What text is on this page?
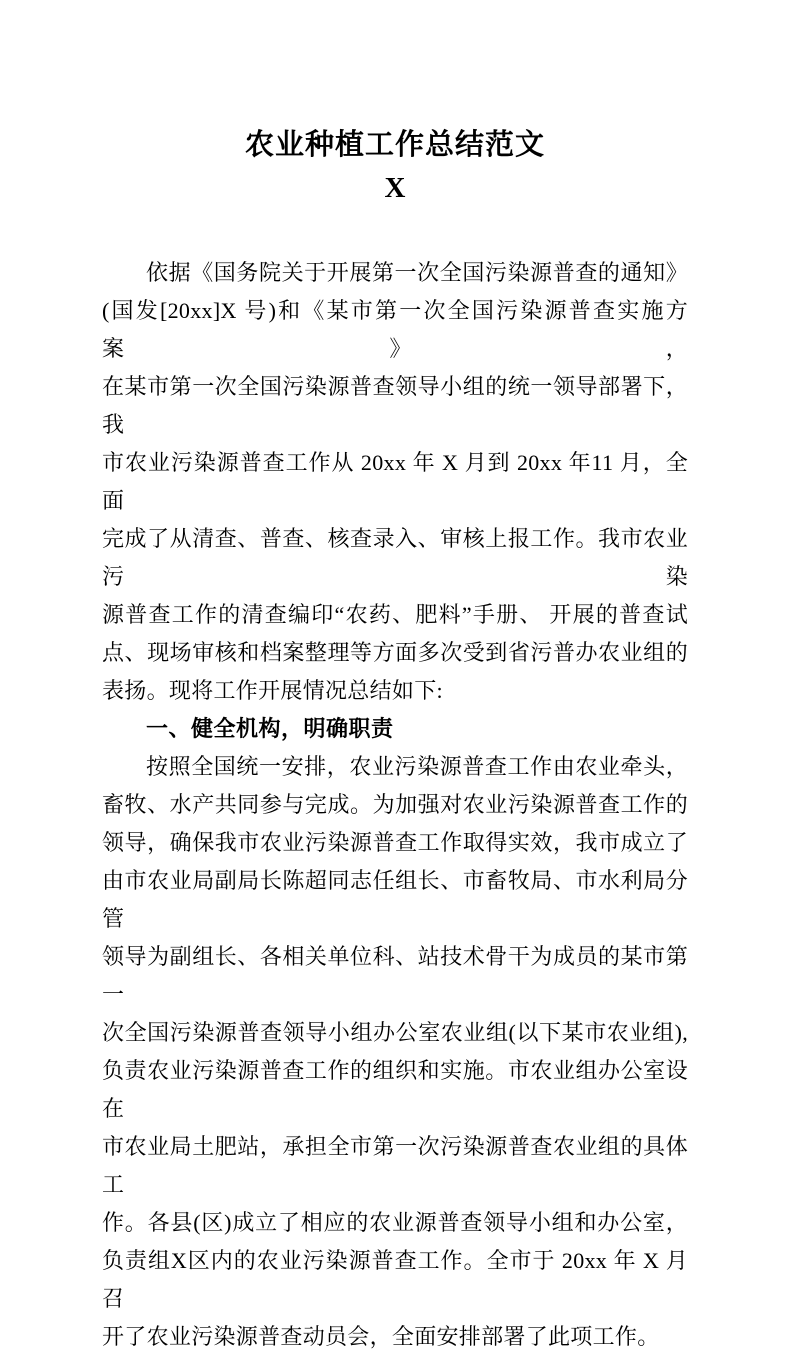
农业种植工作总结范文
X
依据《国务院关于开展第一次全国污染源普查的通知》
(国发[20xx]X 号)和《某市第一次全国污染源普查实施方案》，
在某市第一次全国污染源普查领导小组的统一领导部署下，我
市农业污染源普查工作从 20xx 年 X 月到 20xx 年11 月，全面
完成了从清查、普查、核查录入、审核上报工作。我市农业污染
源普查工作的清查编印“农药、肥料”手册、 开展的普查试
点、现场审核和档案整理等方面多次受到省污普办农业组的
表扬。现将工作开展情况总结如下:
一、健全机构，明确职责
按照全国统一安排，农业污染源普查工作由农业牵头，
畜牧、水产共同参与完成。为加强对农业污染源普查工作的
领导，确保我市农业污染源普查工作取得实效，我市成立了
由市农业局副局长陈超同志任组长、市畜牧局、市水利局分管
领导为副组长、各相关单位科、站技术骨干为成员的某市第一
次全国污染源普查领导小组办公室农业组(以下某市农业组),
负责农业污染源普查工作的组织和实施。市农业组办公室设在
市农业局土肥站，承担全市第一次污染源普查农业组的具体工
作。各县(区)成立了相应的农业源普查领导小组和办公室，
负责组X区内的农业污染源普查工作。全市于 20xx 年 X 月召
开了农业污染源普查动员会，全面安排部署了此项工作。
